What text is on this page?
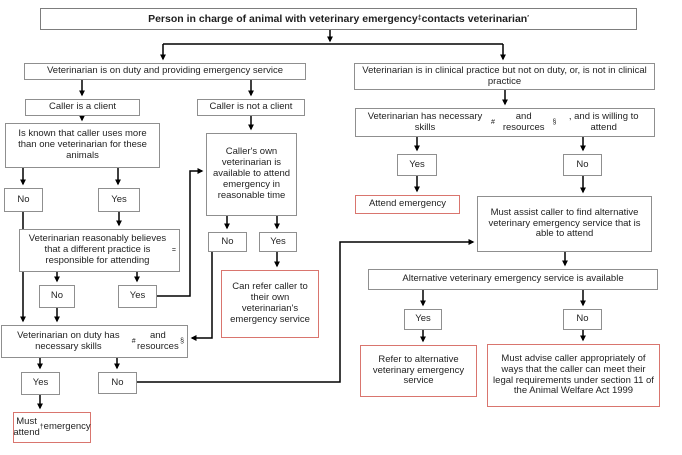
Person in charge of animal with veterinary emergency ‡ contacts veterinarian ′
Veterinarian is on duty and providing emergency service
Caller is a client	Caller is not a client
Is known that caller uses more than one veterinarian for these animals
No	Yes
Veterinarian reasonably believes that a different practice is responsible for attending
=
No	Yes
Veterinarian on duty has necessary skills	#
and resources §
Yes	No
Must attend † emergency
Caller's own veterinarian is available to attend emergency in reasonable time
No	Yes
Can refer caller to their own veterinarian's emergency service
Veterinarian is in clinical practice but not on duty, or, is not in clinical practice
Veterinarian has necessary skills	#
and resources §
, and is willing to attend
Yes	No
Attend emergency
Must assist caller to find alternative veterinary emergency service that is able to attend
Alternative veterinary emergency service is available
Yes	No
Refer to alternative veterinary emergency service
Must advise caller appropriately of ways that the caller can meet their legal requirements under section 11 of the Animal Welfare Act 1999
